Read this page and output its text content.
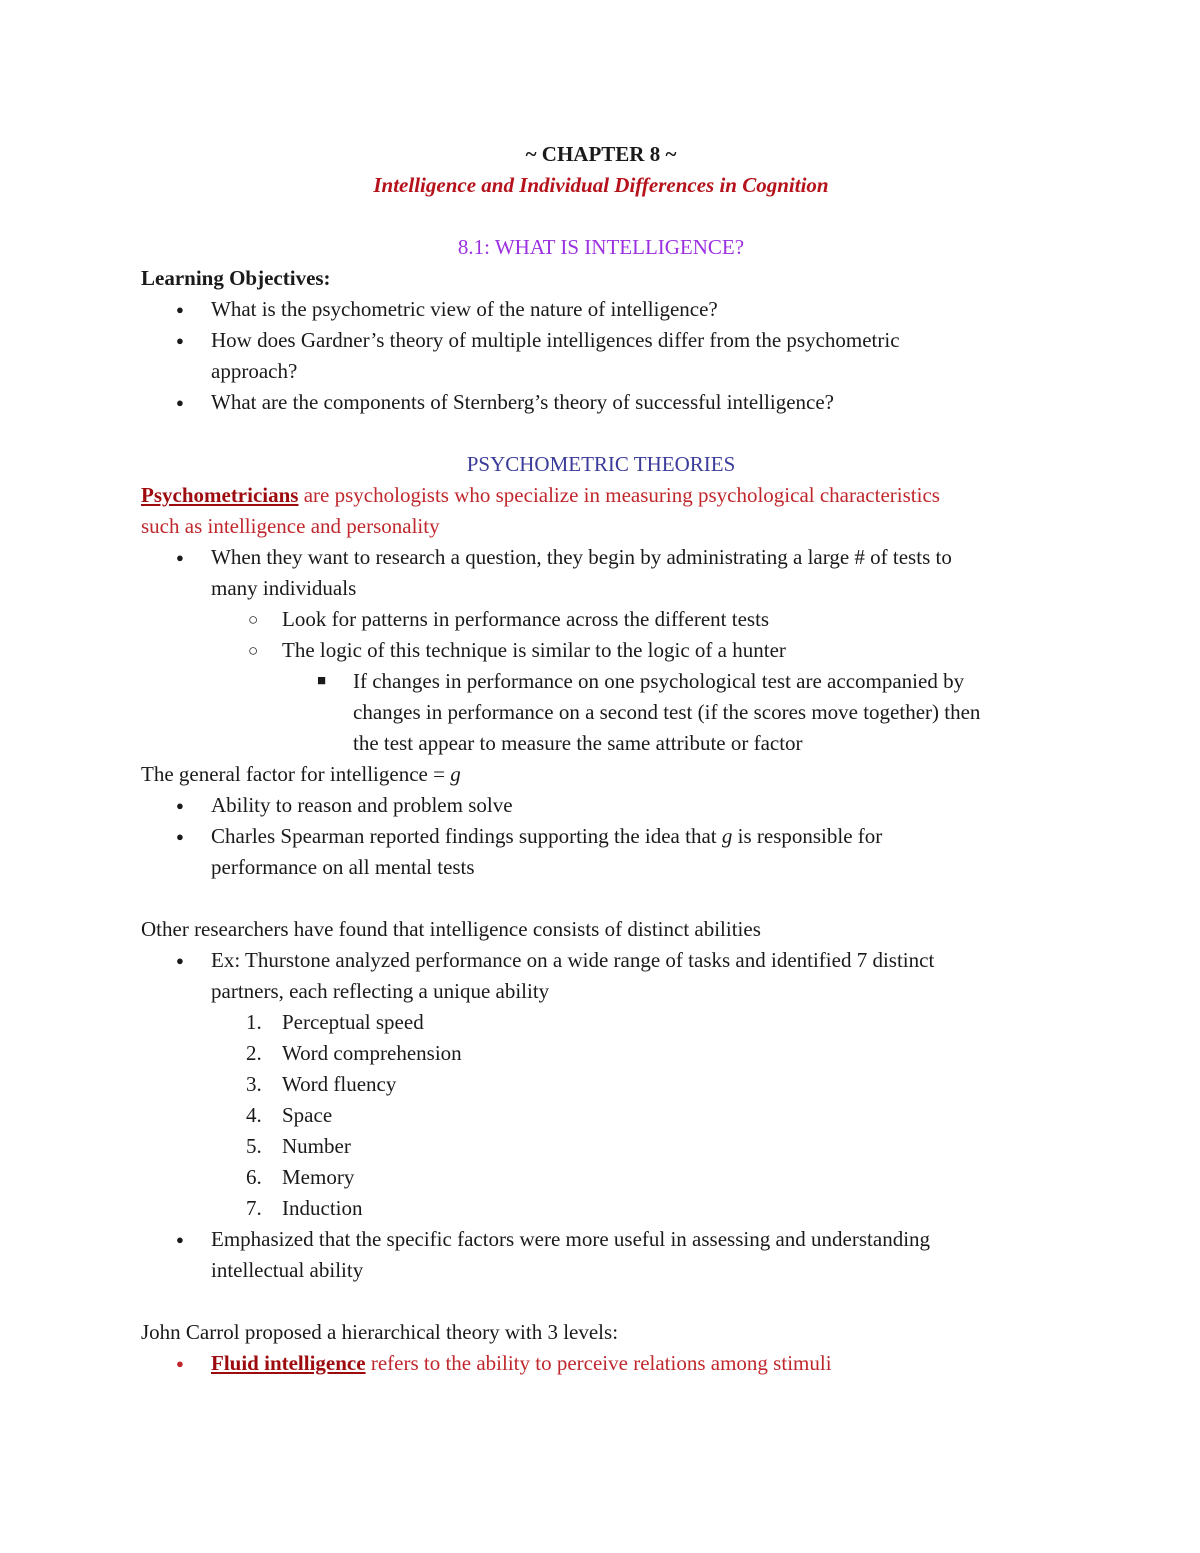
~ CHAPTER 8 ~
Intelligence and Individual Differences in Cognition
8.1: WHAT IS INTELLIGENCE?
Learning Objectives:
● What is the psychometric view of the nature of intelligence?
● How does Gardner’s theory of multiple intelligences differ from the psychometric
approach?
● What are the components of Sternberg’s theory of successful intelligence?
PSYCHOMETRIC THEORIES
Psychometricians are psychologists who specialize in measuring psychological characteristics
such as intelligence and personality
● When they want to research a question, they begin by administrating a large # of tests to
many individuals
○ Look for patterns in performance across the different tests
○ The logic of this technique is similar to the logic of a hunter
■ If changes in performance on one psychological test are accompanied by
changes in performance on a second test (if the scores move together) then
the test appear to measure the same attribute or factor
The general factor for intelligence = g
● Ability to reason and problem solve
● Charles Spearman reported findings supporting the idea that g is responsible for
performance on all mental tests
Other researchers have found that intelligence consists of distinct abilities
● Ex: Thurstone analyzed performance on a wide range of tasks and identified 7 distinct
partners, each reflecting a unique ability
1. Perceptual speed
2. Word comprehension
3. Word fluency
4. Space
5. Number
6. Memory
7. Induction
● Emphasized that the specific factors were more useful in assessing and understanding
intellectual ability
John Carrol proposed a hierarchical theory with 3 levels:
● Fluid intelligence refers to the ability to perceive relations among stimuli
